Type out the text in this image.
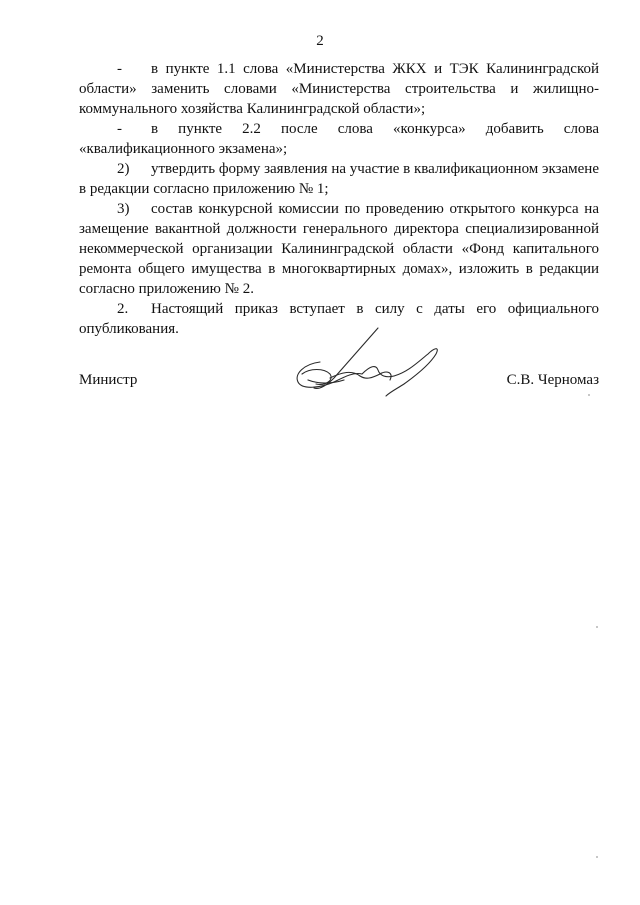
2

- в пункте 1.1 слова «Министерства ЖКХ и ТЭК Калининградской области» заменить словами «Министерства строительства и жилищно-коммунального хозяйства Калининградской области»;

- в пункте 2.2 после слова «конкурса» добавить слова «квалификационного экзамена»;

2) утвердить форму заявления на участие в квалификационном экзамене в редакции согласно приложению № 1;

3) состав конкурсной комиссии по проведению открытого конкурса на замещение вакантной должности генерального директора специализированной некоммерческой организации Калининградской области «Фонд капитального ремонта общего имущества в многоквартирных домах», изложить в редакции согласно приложению № 2.

2. Настоящий приказ вступает в силу с даты его официального опубликования.

Министр	С.В. Черномаз
